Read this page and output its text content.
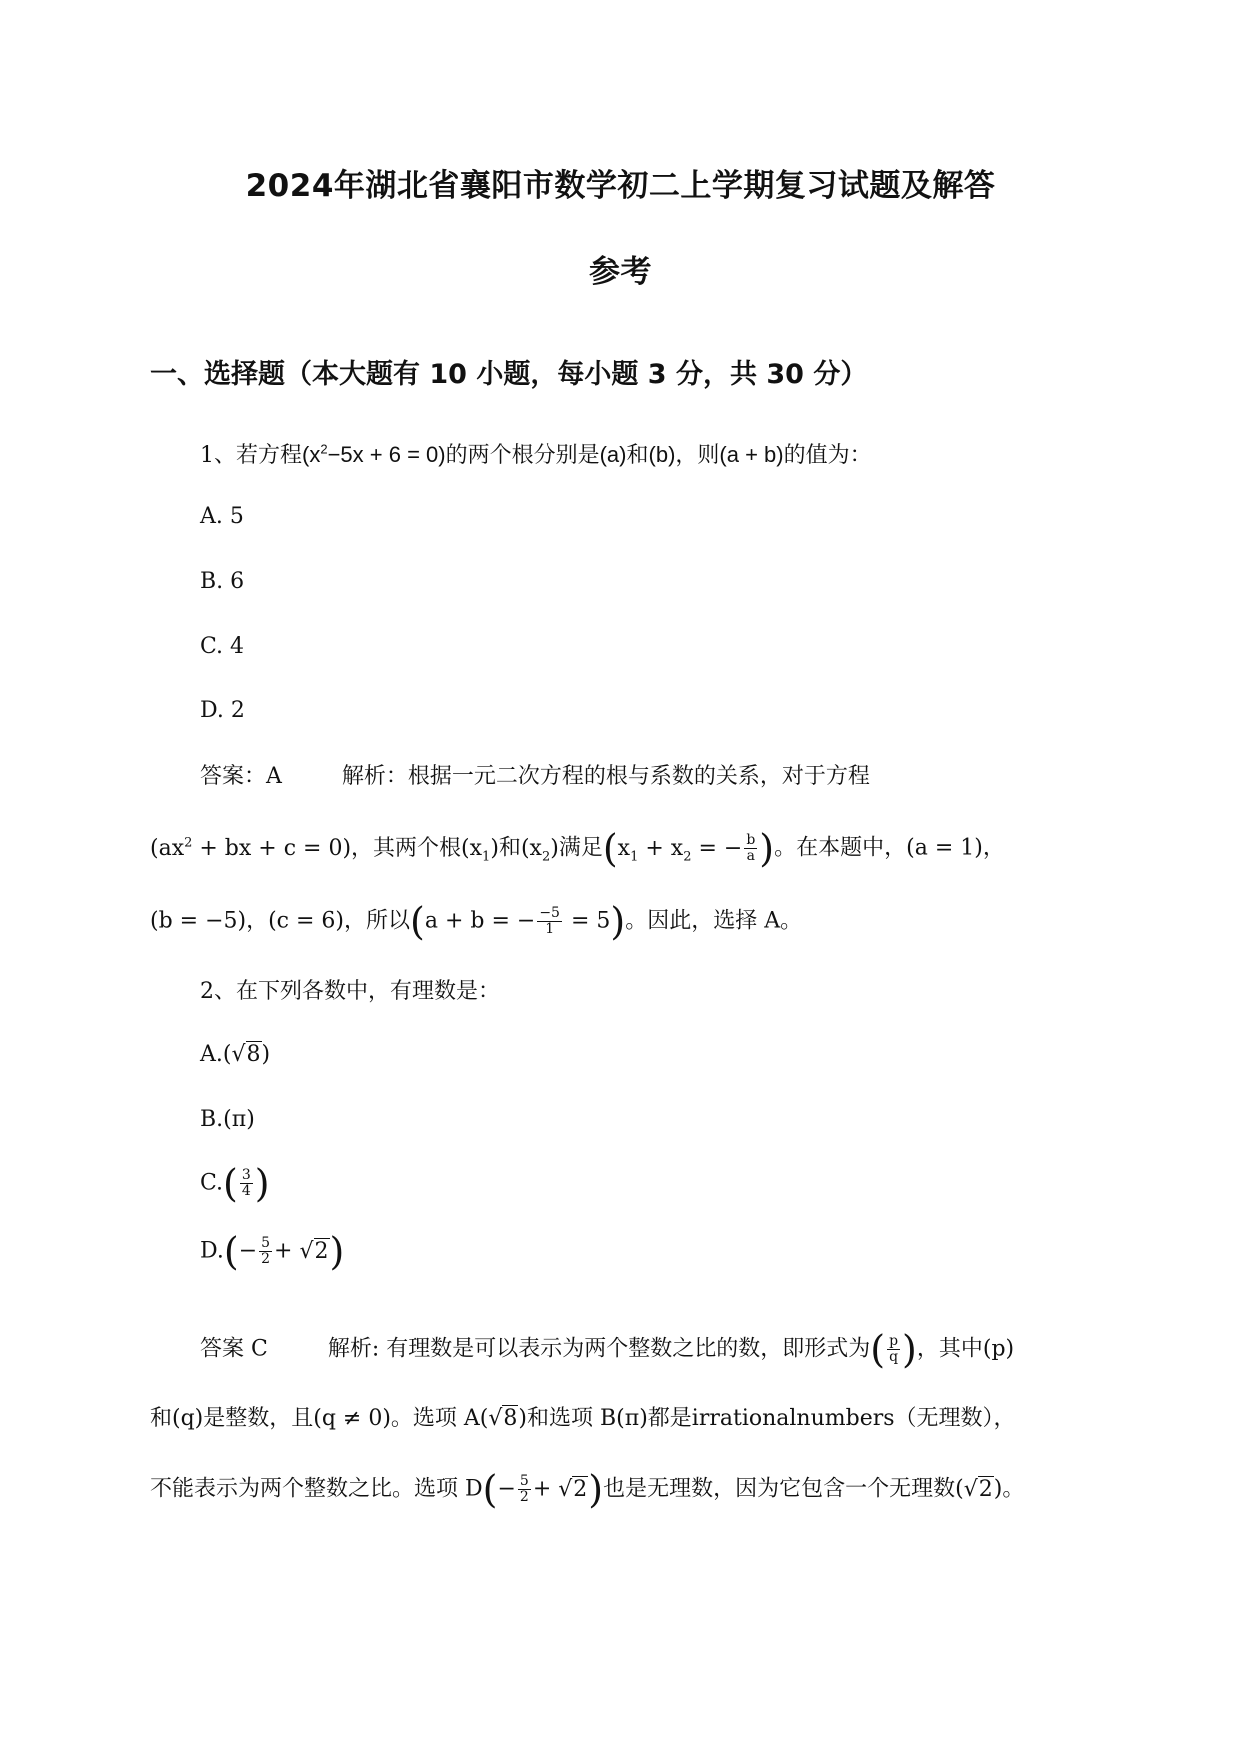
2024年湖北省襄阳市数学初二上学期复习试题及解答
参考
一、选择题（本大题有 10 小题，每小题 3 分，共 30 分）
1、若方程$(x^2-5x + 6 = 0)$的两个根分别是(a)和(b)，则(a + b)的值为：
A. 5
B. 6
C. 4
D. 2
答案：A	解析：根据一元二次方程的根与系数的关系，对于方程
($ax^2$ + bx + c = 0)，其两个根$(x_1)$和$(x_2)$满足($x_1 + x_2$ = − $\frac{b}{a}$ )。在本题中，(a = 1)，
(b = −5)，(c = 6)，所以(a + b = − $\frac{-5}{1} = 5$)。因此，选择 A。
2、在下列各数中，有理数是：
A.(√8)
B.(π)
$C.( \frac{3}{4}$ )
$D.(- \frac{5}{2} + √2)$
答案 C	解析: 有理数是可以表示为两个整数之比的数，即形式为( $\frac{p}{q}$ )，其中(p)
和(q)是整数，且(q ≠ 0)。选项 A(√8)和选项 B(π)都是irrationalnumbers（无理数），
不能表示为两个整数之比。选项 $D(- \frac{5}{2} + √2)$也是无理数，因为它包含一个无理数(√2)。
